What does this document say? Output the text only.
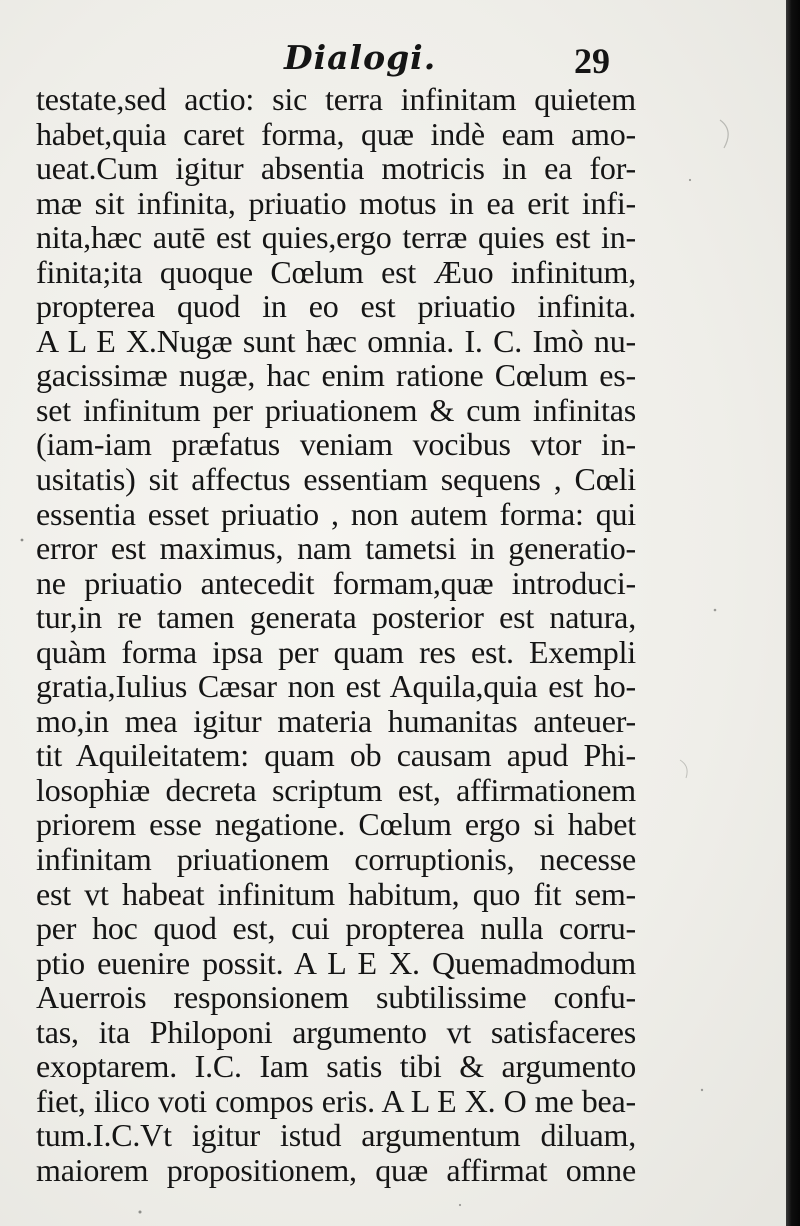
Dialogi.	29
testate,sed actio: sic terra infinitam quietem
habet,quia caret forma, quæ indè eam amo-
ueat.Cum igitur absentia motricis in ea for-
mæ sit infinita, priuatio motus in ea erit infi-
nita,hæc autē est quies,ergo terræ quies est in-
finita;ita quoque Cœlum est Æuo infinitum,
propterea quod in eo est priuatio infinita.
A L E X.Nugæ sunt hæc omnia. I. C. Imò nu-
gacissimæ nugæ, hac enim ratione Cœlum es-
set infinitum per priuationem & cum infinitas
(iam-iam præfatus veniam vocibus vtor in-
usitatis) sit affectus essentiam sequens , Cœli
essentia esset priuatio , non autem forma: qui
error est maximus, nam tametsi in generatio-
ne priuatio antecedit formam,quæ introduci-
tur,in re tamen generata posterior est natura,
quàm forma ipsa per quam res est. Exempli
gratia,Iulius Cæsar non est Aquila,quia est ho-
mo,in mea igitur materia humanitas anteuer-
tit Aquileitatem: quam ob causam apud Phi-
losophiæ decreta scriptum est, affirmationem
priorem esse negatione. Cœlum ergo si habet
infinitam priuationem corruptionis, necesse
est vt habeat infinitum habitum, quo fit sem-
per hoc quod est, cui propterea nulla corru-
ptio euenire possit. A L E X. Quemadmodum
Auerrois responsionem subtilissime confu-
tas, ita Philoponi argumento vt satisfaceres
exoptarem. I.C. Iam satis tibi & argumento
fiet, ilico voti compos eris. A L E X. O me bea-
tum.I.C.Vt igitur istud argumentum diluam,
maiorem propositionem, quæ affirmat omne
